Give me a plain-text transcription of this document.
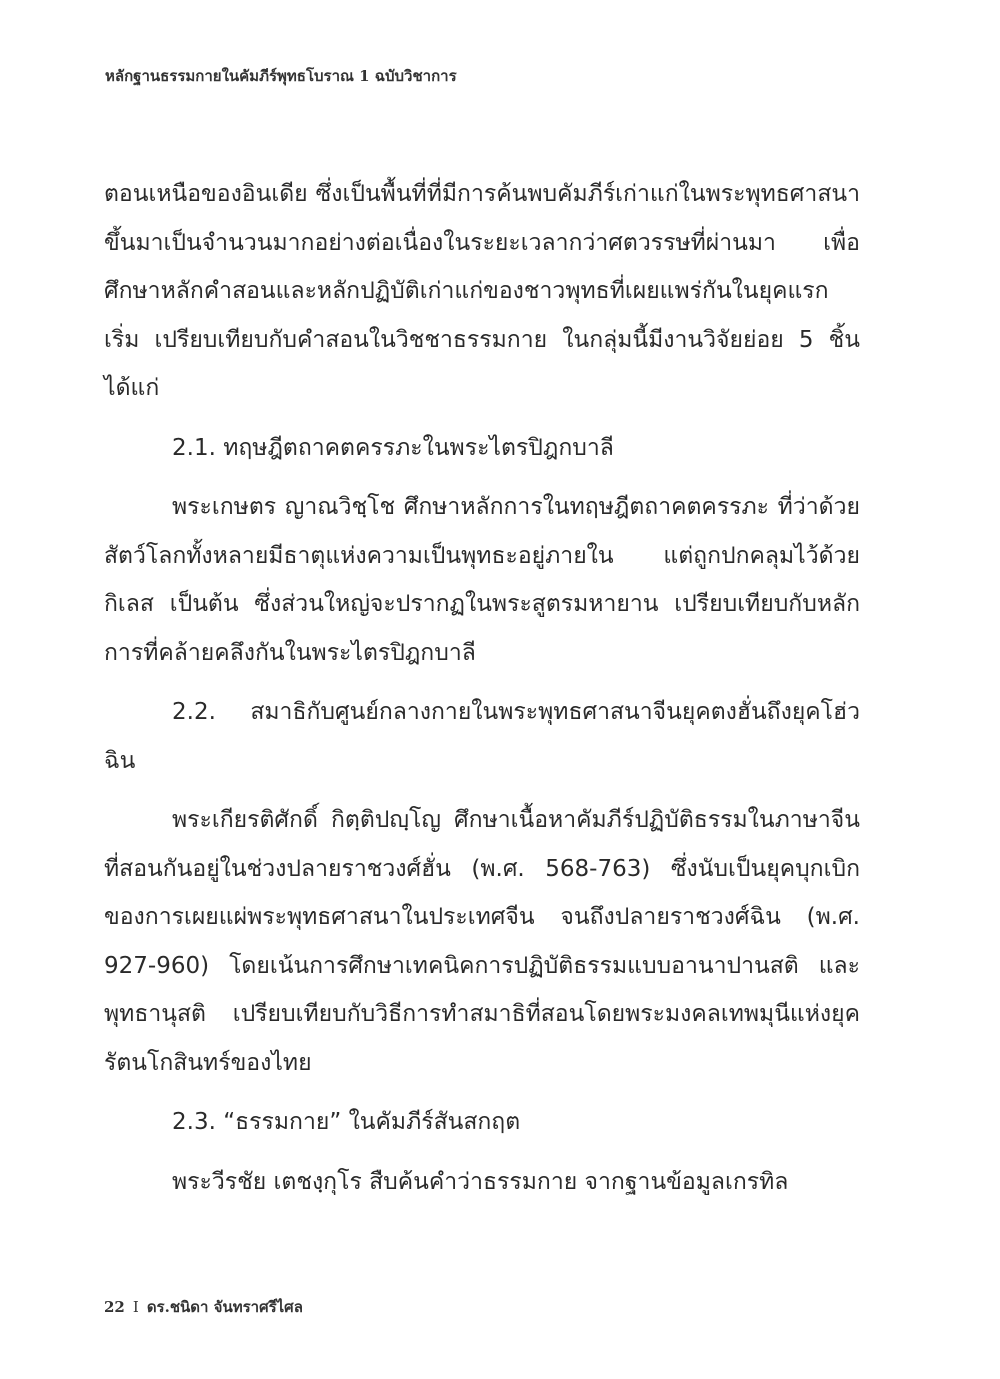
หลักฐานธรรมกายในคัมภีร์พุทธโบราณ 1 ฉบับวิชาการ

ตอนเหนือของอินเดีย ซึ่งเป็นพื้นที่ที่มีการค้นพบคัมภีร์เก่าแก่ในพระพุทธศาสนาขึ้นมาเป็นจำนวนมากอย่างต่อเนื่องในระยะเวลากว่าศตวรรษที่ผ่านมา เพื่อศึกษาหลักคำสอนและหลักปฏิบัติเก่าแก่ของชาวพุทธที่เผยแพร่กันในยุคแรกเริ่ม เปรียบเทียบกับคำสอนในวิชชาธรรมกาย ในกลุ่มนี้มีงานวิจัยย่อย 5 ชิ้น ได้แก่

2.1. ทฤษฎีตถาคตครรภะในพระไตรปิฎกบาลี

พระเกษตร ญาณวิชฺโช ศึกษาหลักการในทฤษฎีตถาคตครรภะ ที่ว่าด้วยสัตว์โลกทั้งหลายมีธาตุแห่งความเป็นพุทธะอยู่ภายใน แต่ถูกปกคลุมไว้ด้วยกิเลส เป็นต้น ซึ่งส่วนใหญ่จะปรากฏในพระสูตรมหายาน เปรียบเทียบกับหลักการที่คล้ายคลึงกันในพระไตรปิฎกบาลี

2.2. สมาธิกับศูนย์กลางกายในพระพุทธศาสนาจีนยุคตงฮั่นถึงยุคโฮ่วฉิน

พระเกียรติศักดิ์ กิตฺติปญฺโญ ศึกษาเนื้อหาคัมภีร์ปฏิบัติธรรมในภาษาจีนที่สอนกันอยู่ในช่วงปลายราชวงศ์ฮั่น (พ.ศ. 568-763) ซึ่งนับเป็นยุคบุกเบิกของการเผยแผ่พระพุทธศาสนาในประเทศจีน จนถึงปลายราชวงศ์ฉิน (พ.ศ. 927-960) โดยเน้นการศึกษาเทคนิคการปฏิบัติธรรมแบบอานาปานสติ และพุทธานุสติ เปรียบเทียบกับวิธีการทำสมาธิที่สอนโดยพระมงคลเทพมุนีแห่งยุครัตนโกสินทร์ของไทย

2.3. “ธรรมกาย” ในคัมภีร์สันสกฤต

พระวีรชัย เตชงฺกุโร สืบค้นคำว่าธรรมกาย จากฐานข้อมูลเกรทิล

22 I ดร.ชนิดา จันทราศรีไศล
